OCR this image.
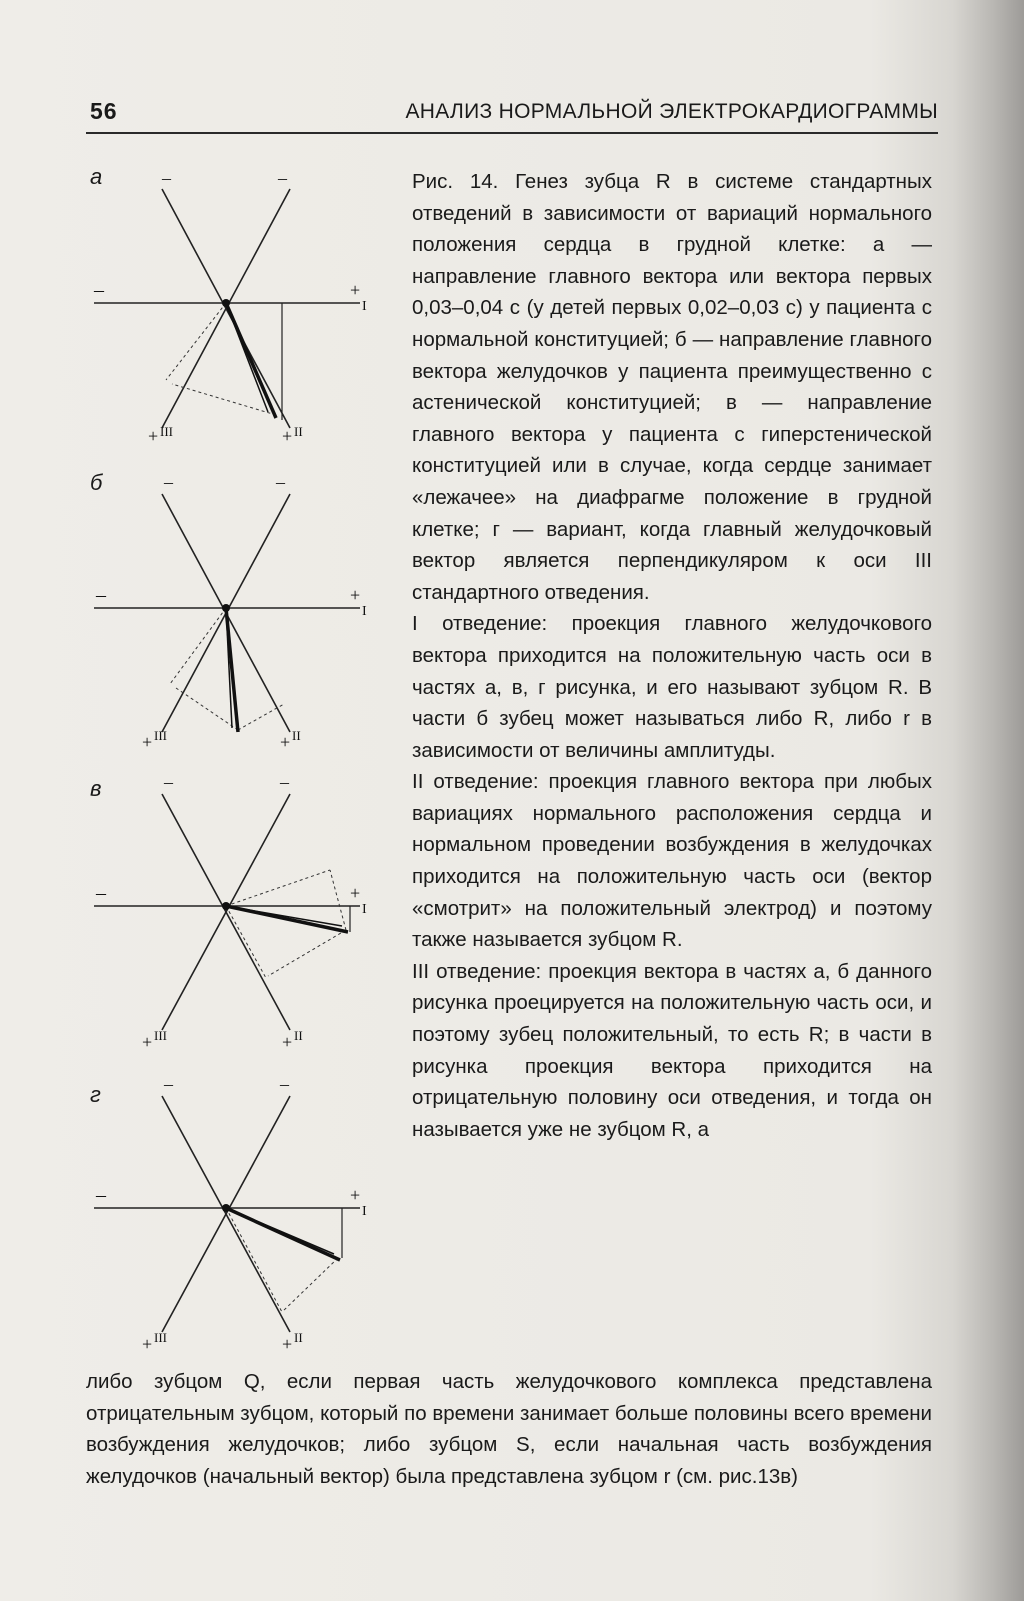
56	АНАЛИЗ НОРМАЛЬНОЙ ЭЛЕКТРОКАРДИОГРАММЫ
а
–	+
I
–	–
+ III	+ II
б
–	+
I
–	–
+ III	+ II
в
–	+
I
–	–
+ III	+ II
г
–	+
I
–	–
+ III	+ II

Рис. 14. Генез зубца R в системе стандартных отведений в зависимости от вариаций нормального положения сердца в грудной клетке: а — направление главного вектора или вектора первых 0,03–0,04 с (у детей первых 0,02–0,03 с) у пациента с нормальной конституцией; б — направление главного вектора желудочков у пациента преимущественно с астенической конституцией; в — направление главного вектора у пациента с гиперстенической конституцией или в случае, когда сердце занимает «лежачее» на диафрагме положение в грудной клетке; г — вариант, когда главный желудочковый вектор является перпендикуляром к оси III стандартного отведения.

I отведение: проекция главного желудочкового вектора приходится на положительную часть оси в частях а, в, г рисунка, и его называют зубцом R. В части б зубец может называться либо R, либо r в зависимости от величины амплитуды.

II отведение: проекция главного вектора при любых вариациях нормального расположения сердца и нормальном проведении возбуждения в желудочках приходится на положительную часть оси (вектор «смотрит» на положительный электрод) и поэтому также называется зубцом R.

III отведение: проекция вектора в частях а, б данного рисунка проецируется на положительную часть оси, и поэтому зубец положительный, то есть R; в части в рисунка проекция вектора приходится на отрицательную половину оси отведения, и тогда он называется уже не зубцом R, а

либо зубцом Q, если первая часть желудочкового комплекса представлена отрицательным зубцом, который по времени занимает больше половины всего времени возбуждения желудочков; либо зубцом S, если начальная часть возбуждения желудочков (начальный вектор) была представлена зубцом r (см. рис.13в)
